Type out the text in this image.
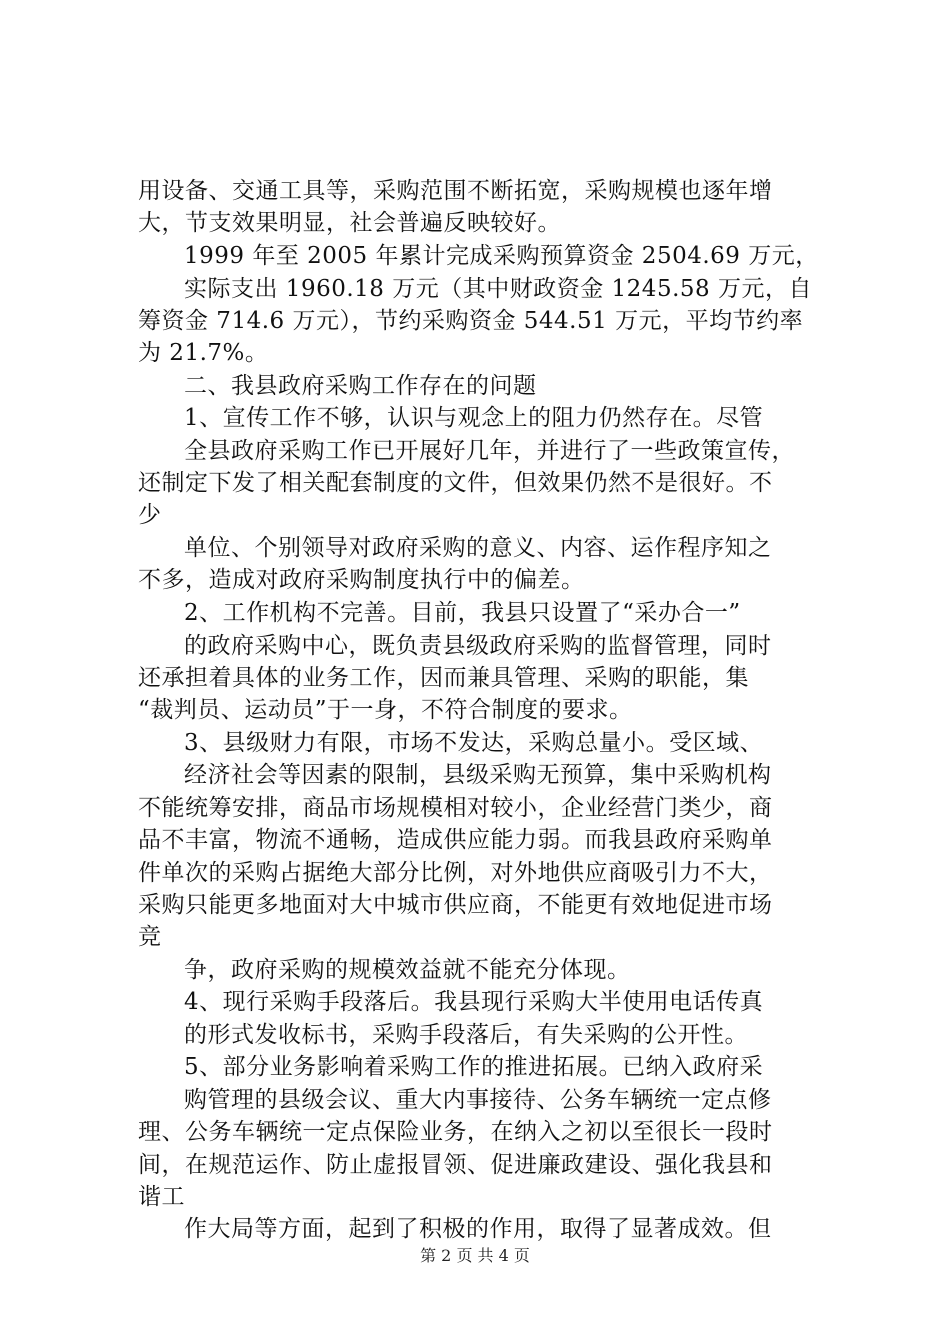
用设备、交通工具等，采购范围不断拓宽，采购规模也逐年增
大，节支效果明显，社会普遍反映较好。
1999 年至 2005 年累计完成采购预算资金 2504.69 万元，
实际支出 1960.18 万元（其中财政资金 1245.58 万元，自
筹资金 714.6 万元），节约采购资金 544.51 万元，平均节约率
为 21.7%。
二、我县政府采购工作存在的问题
1、宣传工作不够，认识与观念上的阻力仍然存在。尽管
全县政府采购工作已开展好几年，并进行了一些政策宣传，
还制定下发了相关配套制度的文件，但效果仍然不是很好。不
少
单位、个别领导对政府采购的意义、内容、运作程序知之
不多，造成对政府采购制度执行中的偏差。
2、工作机构不完善。目前，我县只设置了“采办合一”
的政府采购中心，既负责县级政府采购的监督管理，同时
还承担着具体的业务工作，因而兼具管理、采购的职能，集
“裁判员、运动员”于一身，不符合制度的要求。
3、县级财力有限，市场不发达，采购总量小。受区域、
经济社会等因素的限制，县级采购无预算，集中采购机构
不能统筹安排，商品市场规模相对较小，企业经营门类少，商
品不丰富，物流不通畅，造成供应能力弱。而我县政府采购单
件单次的采购占据绝大部分比例，对外地供应商吸引力不大，
采购只能更多地面对大中城市供应商，不能更有效地促进市场
竞
争，政府采购的规模效益就不能充分体现。
4、现行采购手段落后。我县现行采购大半使用电话传真
的形式发收标书，采购手段落后，有失采购的公开性。
5、部分业务影响着采购工作的推进拓展。已纳入政府采
购管理的县级会议、重大内事接待、公务车辆统一定点修
理、公务车辆统一定点保险业务，在纳入之初以至很长一段时
间，在规范运作、防止虚报冒领、促进廉政建设、强化我县和
谐工
作大局等方面，起到了积极的作用，取得了显著成效。但
第 2 页 共 4 页
